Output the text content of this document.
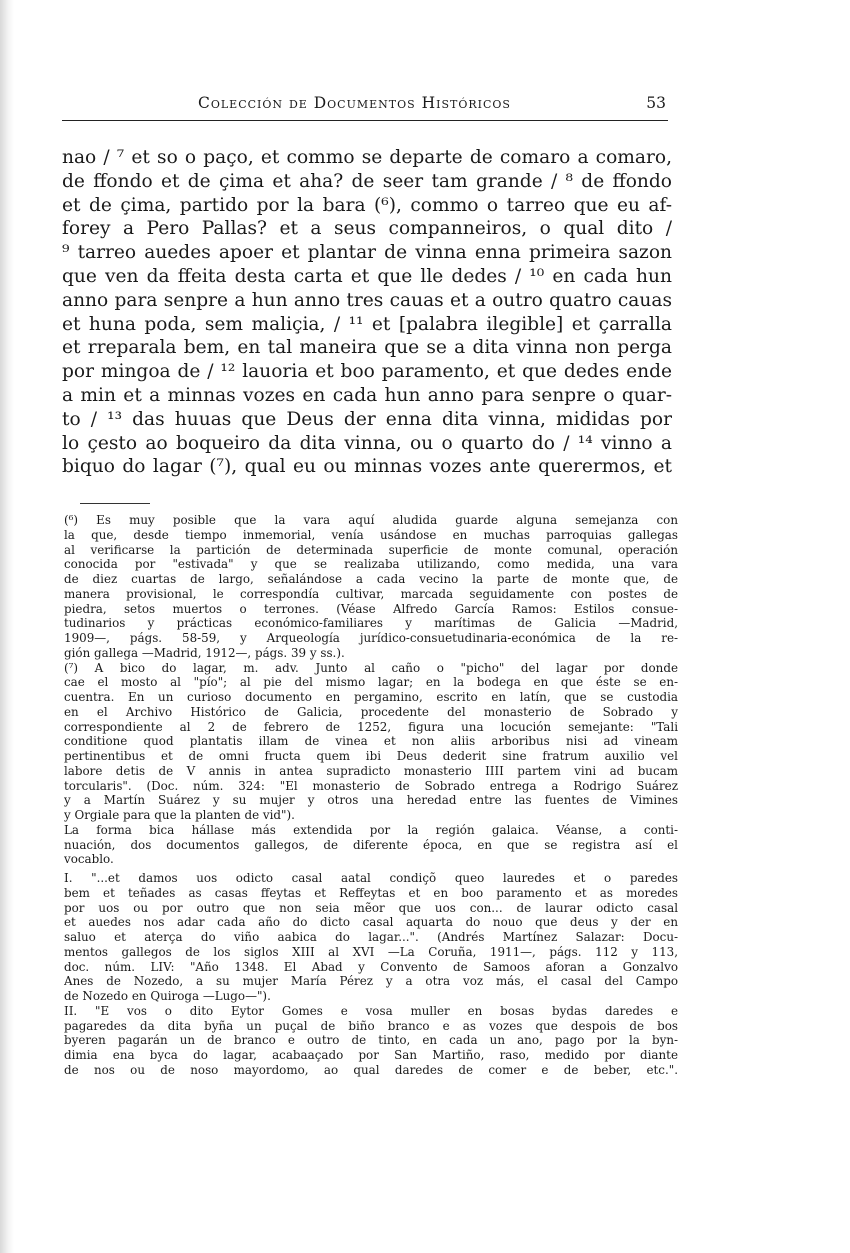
Colección de Documentos Históricos	53
nao / ⁷ et so o paço, et commo se departe de comaro a comaro,
de ffondo et de çima et aha? de seer tam grande / ⁸ de ffondo
et de çima, partido por la bara (⁶), commo o tarreo que eu af-
forey a Pero Pallas? et a seus companneiros, o qual dito /
⁹ tarreo auedes apoer et plantar de vinna enna primeira sazon
que ven da ffeita desta carta et que lle dedes / ¹⁰ en cada hun
anno para senpre a hun anno tres cauas et a outro quatro cauas
et huna poda, sem maliçia, / ¹¹ et [palabra ilegible] et çarralla
et rreparala bem, en tal maneira que se a dita vinna non perga
por mingoa de / ¹² lauoria et boo paramento, et que dedes ende
a min et a minnas vozes en cada hun anno para senpre o quar-
to / ¹³ das huuas que Deus der enna dita vinna, mididas por
lo çesto ao boqueiro da dita vinna, ou o quarto do / ¹⁴ vinno a
biquo do lagar (⁷), qual eu ou minnas vozes ante querermos, et
(⁶) Es muy posible que la vara aquí aludida guarde alguna semejanza con
la que, desde tiempo inmemorial, venía usándose en muchas parroquias gallegas
al verificarse la partición de determinada superficie de monte comunal, operación
conocida por "estivada" y que se realizaba utilizando, como medida, una vara
de diez cuartas de largo, señalándose a cada vecino la parte de monte que, de
manera provisional, le correspondía cultivar, marcada seguidamente con postes de
piedra, setos muertos o terrones. (Véase Alfredo García Ramos: Estilos consue-
tudinarios y prácticas económico-familiares y marítimas de Galicia —Madrid,
1909—, págs. 58-59, y Arqueología jurídico-consuetudinaria-económica de la re-
gión gallega —Madrid, 1912—, págs. 39 y ss.).
(⁷) A bico do lagar, m. adv. Junto al caño o "picho" del lagar por donde
cae el mosto al "pío"; al pie del mismo lagar; en la bodega en que éste se en-
cuentra. En un curioso documento en pergamino, escrito en latín, que se custodia
en el Archivo Histórico de Galicia, procedente del monasterio de Sobrado y
correspondiente al 2 de febrero de 1252, figura una locución semejante: "Tali
conditione quod plantatis illam de vinea et non aliis arboribus nisi ad vineam
pertinentibus et de omni fructa quem ibi Deus dederit sine fratrum auxilio vel
labore detis de V annis in antea supradicto monasterio IIII partem vini ad bucam
torcularis". (Doc. núm. 324: "El monasterio de Sobrado entrega a Rodrigo Suárez
y a Martín Suárez y su mujer y otros una heredad entre las fuentes de Vimines
y Orgiale para que la planten de vid").
La forma bica hállase más extendida por la región galaica. Véanse, a conti-
nuación, dos documentos gallegos, de diferente época, en que se registra así el
vocablo.
I. "...et damos uos odicto casal aatal condiçõ queo lauredes et o paredes
bem et teñades as casas ffeytas et Reffeytas et en boo paramento et as moredes
por uos ou por outro que non seia mẽor que uos con... de laurar odicto casal
et auedes nos adar cada año do dicto casal aquarta do nouo que deus y der en
saluo et aterça do viño aabica do lagar...". (Andrés Martínez Salazar: Docu-
mentos gallegos de los siglos XIII al XVI —La Coruña, 1911—, págs. 112 y 113,
doc. núm. LIV: "Año 1348. El Abad y Convento de Samoos aforan a Gonzalvo
Anes de Nozedo, a su mujer María Pérez y a otra voz más, el casal del Campo
de Nozedo en Quiroga —Lugo—").
II. "E vos o dito Eytor Gomes e vosa muller en bosas bydas daredes e
pagaredes da dita byña un puçal de biño branco e as vozes que despois de bos
byeren pagarán un de branco e outro de tinto, en cada un ano, pago por la byn-
dimia ena byca do lagar, acabaaçado por San Martiño, raso, medido por diante
de nos ou de noso mayordomo, ao qual daredes de comer e de beber, etc.".
